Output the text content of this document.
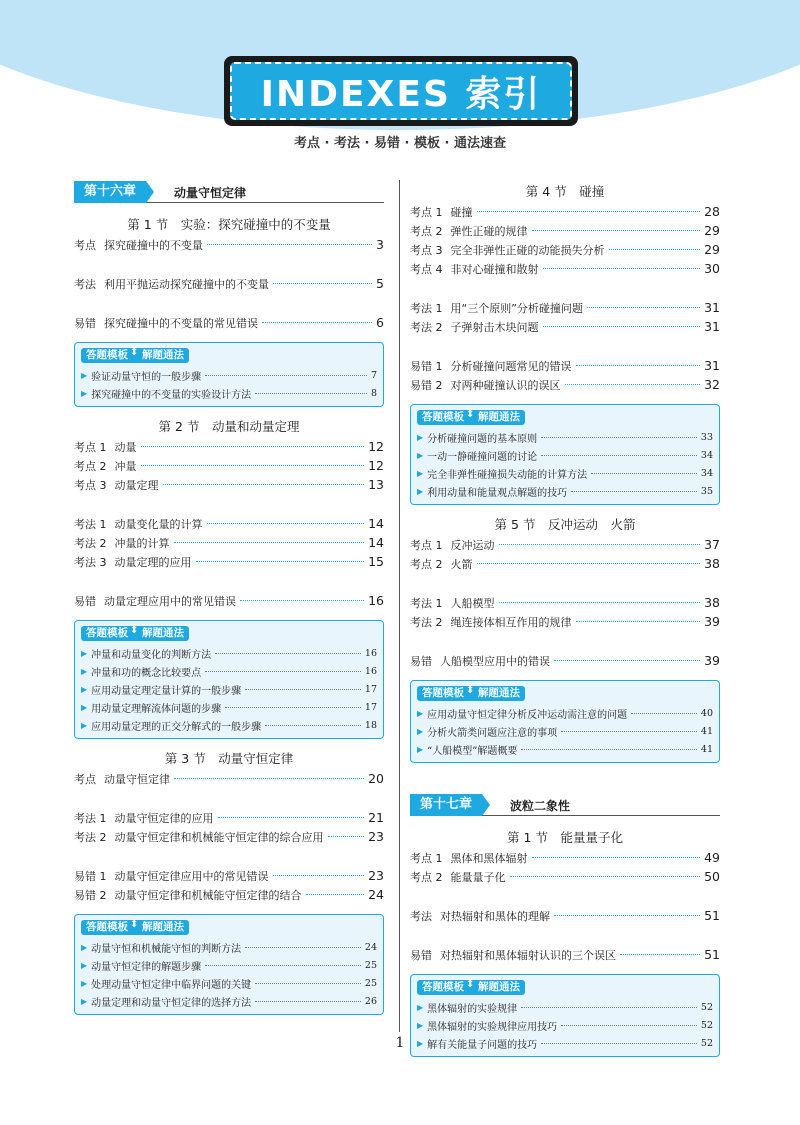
INDEXES 索引
考点 · 考法 · 易错 · 模板 · 通法速查
第十六章	动量守恒定律
第 1 节　实验：探究碰撞中的不变量
考点 探究碰撞中的不变量	3
考法 利用平抛运动探究碰撞中的不变量	5
易错 探究碰撞中的不变量的常见错误	6
答题模板 ⬍	解题通法
▶ 验证动量守恒的一般步骤	7
▶ 探究碰撞中的不变量的实验设计方法	8
第 2 节　动量和动量定理
考点 1 动量	12
考点 2 冲量	12
考点 3 动量定理	13
考法 1 动量变化量的计算	14
考法 2 冲量的计算	14
考法 3 动量定理的应用	15
易错 动量定理应用中的常见错误	16
答题模板 ⬍	解题通法
▶ 冲量和动量变化的判断方法	16
▶ 冲量和功的概念比较要点	16
▶ 应用动量定理定量计算的一般步骤	17
▶ 用动量定理解流体问题的步骤	17
▶ 应用动量定理的正交分解式的一般步骤	18
第 3 节　动量守恒定律
考点 动量守恒定律	20
考法 1 动量守恒定律的应用	21
考法 2 动量守恒定律和机械能守恒定律的综合应用	23
易错 1 动量守恒定律应用中的常见错误	23
易错 2 动量守恒定律和机械能守恒定律的结合	24
答题模板 ⬍	解题通法
▶ 动量守恒和机械能守恒的判断方法	24
▶ 动量守恒定律的解题步骤	25
▶ 处理动量守恒定律中临界问题的关键	25
▶ 动量定理和动量守恒定律的选择方法	26
第 4 节　碰撞
考点 1 碰撞	28
考点 2 弹性正碰的规律	29
考点 3 完全非弹性正碰的动能损失分析	29
考点 4 非对心碰撞和散射	30
考法 1 用“三个原则”分析碰撞问题	31
考法 2 子弹射击木块问题	31
易错 1 分析碰撞问题常见的错误	31
易错 2 对两种碰撞认识的误区	32
答题模板 ⬍	解题通法
▶ 分析碰撞问题的基本原则	33
▶ 一动一静碰撞问题的讨论	34
▶ 完全非弹性碰撞损失动能的计算方法	34
▶ 利用动量和能量观点解题的技巧	35
第 5 节　反冲运动　火箭
考点 1 反冲运动	37
考点 2 火箭	38
考法 1 人船模型	38
考法 2 绳连接体相互作用的规律	39
易错 人船模型应用中的错误	39
答题模板 ⬍	解题通法
▶ 应用动量守恒定律分析反冲运动需注意的问题	40
▶ 分析火箭类问题应注意的事项	41
▶ “人船模型”解题概要	41
第十七章	波粒二象性
第 1 节　能量量子化
考点 1 黑体和黑体辐射	49
考点 2 能量量子化	50
考法 对热辐射和黑体的理解	51
易错 对热辐射和黑体辐射认识的三个误区	51
答题模板 ⬍	解题通法
▶ 黑体辐射的实验规律	52
▶ 黑体辐射的实验规律应用技巧	52
▶ 解有关能量子问题的技巧	52
1
